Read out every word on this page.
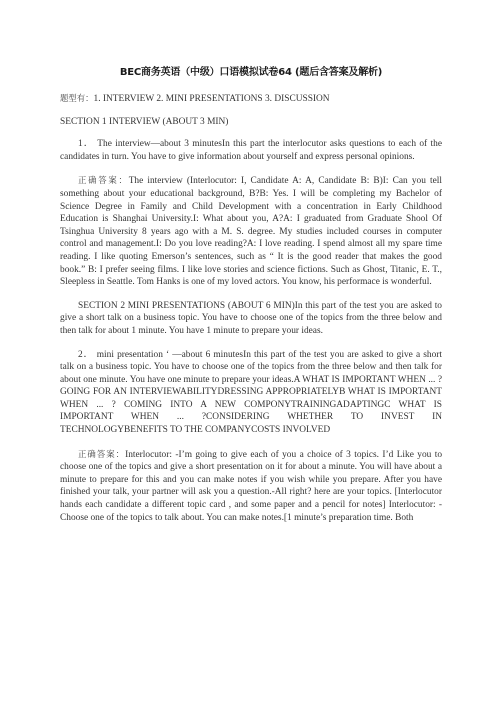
BEC商务英语（中级）口语模拟试卷64 (题后含答案及解析)
题型有：1. INTERVIEW 2. MINI PRESENTATIONS 3. DISCUSSION
SECTION 1 INTERVIEW (ABOUT 3 MIN)
1． The interview—about 3 minutesIn this part the interlocutor asks questions to each of the candidates in turn. You have to give information about yourself and express personal opinions.
正确答案：The interview (Interlocutor: I, Candidate A: A, Candidate B: B)I: Can you tell something about your educational background, B?B: Yes. I will be completing my Bachelor of Science Degree in Family and Child Development with a concentration in Early Childhood Education is Shanghai University.I: What about you, A?A: I graduated from Graduate Shool Of Tsinghua University 8 years ago with a M. S. degree. My studies included courses in computer control and management.I: Do you love reading?A: I love reading. I spend almost all my spare time reading. I like quoting Emerson’s sentences, such as “ It is the good reader that makes the good book.” B: I prefer seeing films. I like love stories and science fictions. Such as Ghost, Titanic, E. T., Sleepless in Seattle. Tom Hanks is one of my loved actors. You know, his performace is wonderful.
SECTION 2 MINI PRESENTATIONS (ABOUT 6 MIN)In this part of the test you are asked to give a short talk on a business topic. You have to choose one of the topics from the three below and then talk for about 1 minute. You have 1 minute to prepare your ideas.
2． mini presentation ‘ —about 6 minutesIn this part of the test you are asked to give a short talk on a business topic. You have to choose one of the topics from the three below and then talk for about one minute. You have one minute to prepare your ideas.A WHAT IS IMPORTANT WHEN ... ? GOING FOR AN INTERVIEWABILITYDRESSING APPROPRIATELYB WHAT IS IMPORTANT WHEN ... ? COMING INTO A NEW COMPONYTRAININGADAPTINGC WHAT IS IMPORTANT WHEN ... ?CONSIDERING WHETHER TO INVEST IN TECHNOLOGYBENEFITS TO THE COMPANYCOSTS INVOLVED
正确答案：Interlocutor: -I’m going to give each of you a choice of 3 topics. I’d Like you to choose one of the topics and give a short presentation on it for about a minute. You will have about a minute to prepare for this and you can make notes if you wish while you prepare. After you have finished your talk, your partner will ask you a question.-All right? here are your topics. [Interlocutor hands each candidate a different topic card , and some paper and a pencil for notes] Interlocutor: -Choose one of the topics to talk about. You can make notes.[1 minute’s preparation time. Both
